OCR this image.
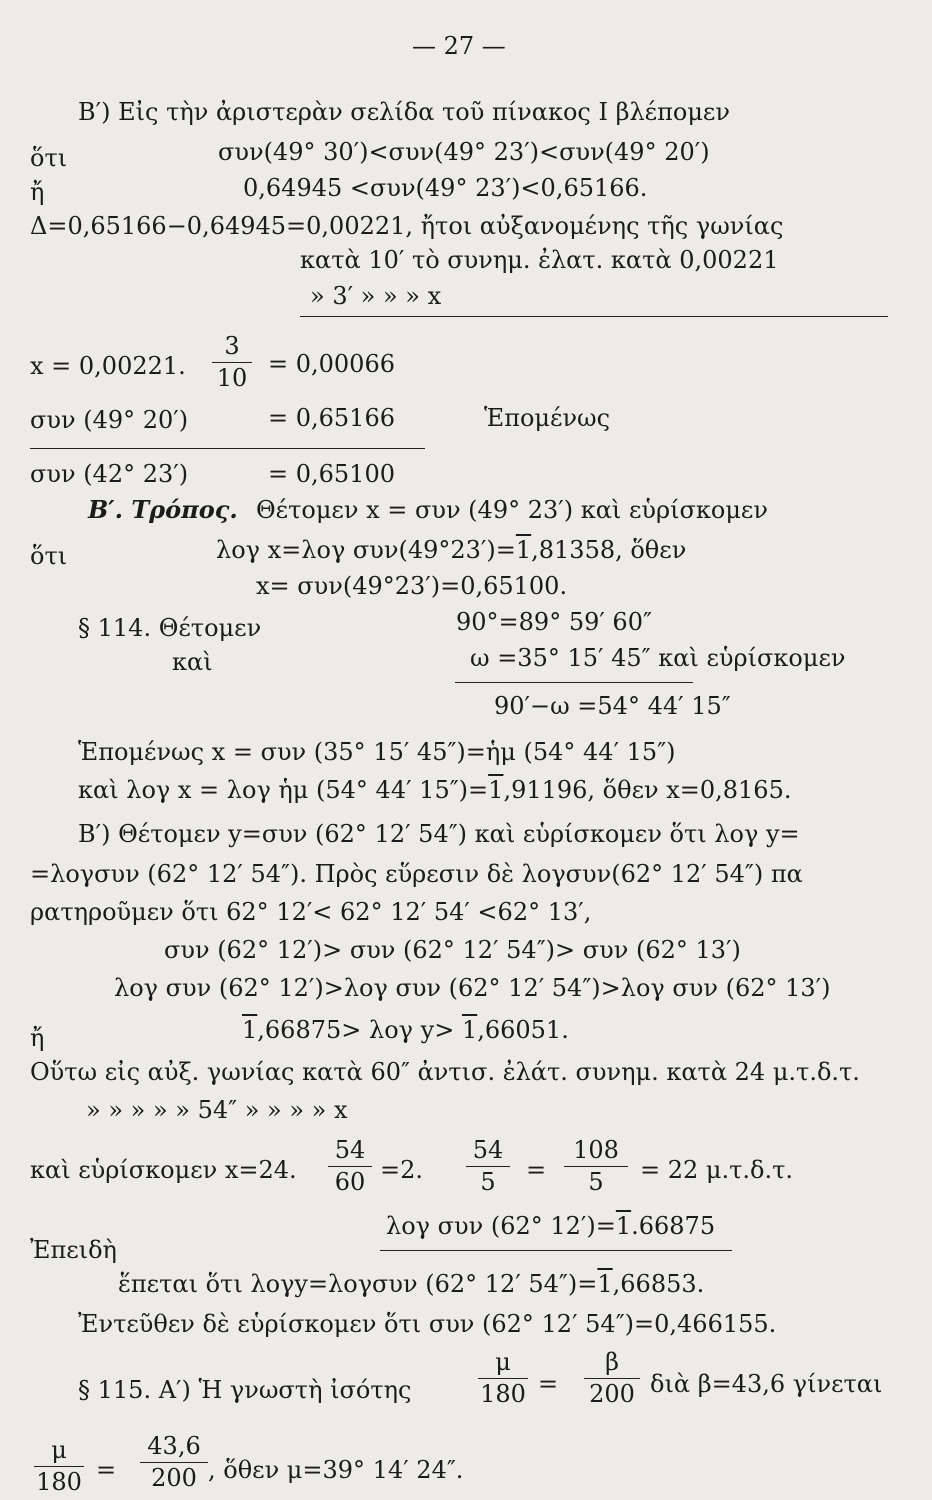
— 27 —
Β′) Εἰς τὴν ἀριστερὰν σελίδα τοῦ πίνακος Ι βλέπομεν
ὅτι	συν(49° 30′)<συν(49° 23′)<συν(49° 20′)
ἤ	0,64945 <συν(49° 23′)<0,65166.
Δ=0,65166−0,64945=0,00221, ἤτοι αὐξανομένης τῆς γωνίας
κατὰ 10′ τὸ συνημ. ἐλατ. κατὰ 0,00221
» 3′ » » » x
x = 0,00221.
3
10 = 0,00066
συν (49° 20′)	= 0,65166	Ἑπομένως
συν (42° 23′)	= 0,65100
Β′. Τρόπος. Θέτομεν x = συν (49° 23′) καὶ εὑρίσκομεν
ὅτι	λογ x=λογ συν(49°23′)=1,81358, ὅθεν
x= συν(49°23′)=0,65100.
§ 114. Θέτομεν	90°=89° 59′ 60″
καὶ	ω =35° 15′ 45″ καὶ εὑρίσκομεν
90′−ω =54° 44′ 15″
Ἑπομένως x = συν (35° 15′ 45″)=ἡμ (54° 44′ 15″)
καὶ λογ x = λογ ἡμ (54° 44′ 15″)=1,91196, ὅθεν x=0,8165.
Β′) Θέτομεν y=συν (62° 12′ 54″) καὶ εὑρίσκομεν ὅτι λογ y=
=λογσυν (62° 12′ 54″). Πρὸς εὕρεσιν δὲ λογσυν(62° 12′ 54″) πα
ρατηροῦμεν ὅτι 62° 12′< 62° 12′ 54′ <62° 13′,
συν (62° 12′)> συν (62° 12′ 54″)> συν (62° 13′)
λογ συν (62° 12′)>λογ συν (62° 12′ 54″)>λογ συν (62° 13′)
ἤ	1,66875> λογ y> 1,66051.
Οὕτω εἰς αὐξ. γωνίας κατὰ 60″ ἀντισ. ἐλάτ. συνημ. κατὰ 24 μ.τ.δ.τ.
» » » » » 54″ » » » » x
καὶ εὑρίσκομεν x=24.
54
60 =2.
54
5	=
108
5	= 22 μ.τ.δ.τ.
Ἐπειδὴ
λογ συν (62° 12′)=1.66875
ἕπεται ὅτι λογy=λογσυν (62° 12′ 54″)=1,66853.
Ἐντεῦθεν δὲ εὑρίσκομεν ὅτι συν (62° 12′ 54″)=0,466155.
§ 115. Α′) Ἡ γνωστὴ ἰσότης
μ
180 =
β
200 διὰ β=43,6 γίνεται
μ
180 =
43,6
200 , ὅθεν μ=39° 14′ 24″.
